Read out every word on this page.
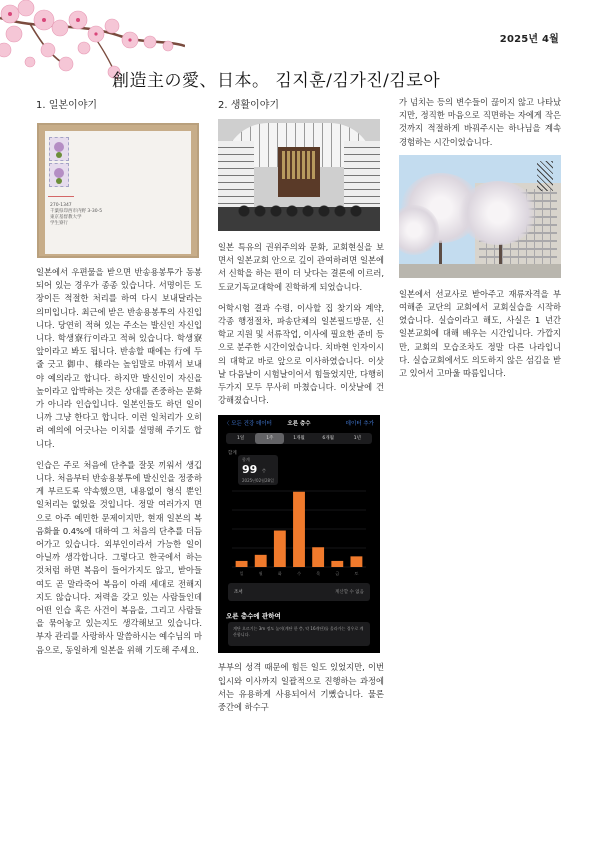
2025년 4월
創造主の愛、日本。 김지훈/김가진/김로아
1. 일본이야기
270-1347
千葉県印西市内野 3-30-5
東京基督教大学
学生寮行

일본에서 우편물을 받으면 반송용봉투가 동봉되어 있는 경우가 종종 있습니다. 서명이든 도장이든 적절한 처리를 하여 다시 보내달라는 의미입니다. 최근에 받은 반송용봉투의 사진입니다. 당연히 적혀 있는 주소는 발신인 자신입니다. 학생寮行이라고 적혀 있습니다. 학생寮 앞이라고 봐도 됩니다. 반송할 때에는 行에 두 줄 긋고 御中、様라는 높임말로 바꿔서 보내야 예의라고 합니다. 하지만 발신인이 자신을 높이라고 압박하는 것은 상대를 존중하는 문화가 아니라 인습입니다. 일본인들도 하던 일이니까 그냥 한다고 합니다. 이런 일처리가 오히려 예의에 어긋나는 이치를 설명해 주기도 합니다.

인습은 주로 처음에 단추를 잘못 끼워서 생깁니다. 처음부터 반송용봉투에 발신인을 정중하게 부르도록 약속했으면, 내용없이 형식 뿐인 일처리는 없었을 것입니다. 정말 여러가지 면으로 아주 예민한 문제이지만, 현재 일본의 복음화율 0.4%에 대하여 그 처음의 단추를 더듬어가고 있습니다. 외부인이라서 가능한 일이 아닐까 생각합니다. 그렇다고 한국에서 하는 것처럼 하면 복음이 들어가지도 않고, 받아들여도 곧 말라죽어 복음이 아래 세대로 전해지지도 않습니다. 저력을 갖고 있는 사람들인데 어떤 인습 혹은 사건이 복음을, 그리고 사람들을 묶어놓고 있는지도 생각해보고 있습니다. 부자 관리를 사랑하사 말씀하시는 예수님의 마음으로, 동일하게 일본을 위해 기도해 주세요.

2. 생활이야기

일본 특유의 권위주의와 문화, 교회현실을 보면서 일본교회 안으로 깊이 관여하려면 일본에서 신학을 하는 편이 더 낫다는 결론에 이르러, 도쿄기독교대학에 진학하게 되었습니다.

어학시험 결과 수령, 이사할 집 찾기와 계약, 각종 행정절차, 파송단체의 일본필드방문, 신학교 지원 및 서류작업, 이사에 필요한 준비 등으로 분주한 시간이었습니다. 치바현 인자이시의 대학교 바로 앞으로 이사하였습니다. 이삿날 다음날이 시험날이어서 힘들었지만, 다행히 두가지 모두 무사히 마쳤습니다. 이삿날에 건강해졌습니다.

〈 모든 건강 데이터	오른 층수	데이터 추가
1일	1주	1개월	6개월	1년
합계
합계
99 층
2025년02월28일
일	월	화	수	목	금	토
조서	계산할 수 없음
오른 층수에 관하여
계단 오르기는 3m 정도 높이(계단 한 층, 약 16개단)를 올라가는 경우로 계산합니다.

부부의 성격 때문에 힘든 일도 있었지만, 이번 입시와 이사까지 일괄적으로 진행하는 과정에서는 유용하게 사용되어서 기뻤습니다. 물론 중간에 하수구

가 넘치는 등의 변수들이 끊이지 않고 나타났지만, 정직한 마음으로 직면하는 자에게 작은 것까지 적절하게 바꿔주시는 하나님을 계속 경험하는 시간이었습니다.

일본에서 선교사로 받아주고 재류자격을 부여해준 교단의 교회에서 교회실습을 시작하였습니다. 실습이라고 해도, 사실은 1 년간 일본교회에 대해 배우는 시간입니다. 가깝지만, 교회의 모습조차도 정말 다른 나라입니다. 실습교회에서도 의도하지 않은 섬김을 받고 있어서 고마울 따름입니다.
